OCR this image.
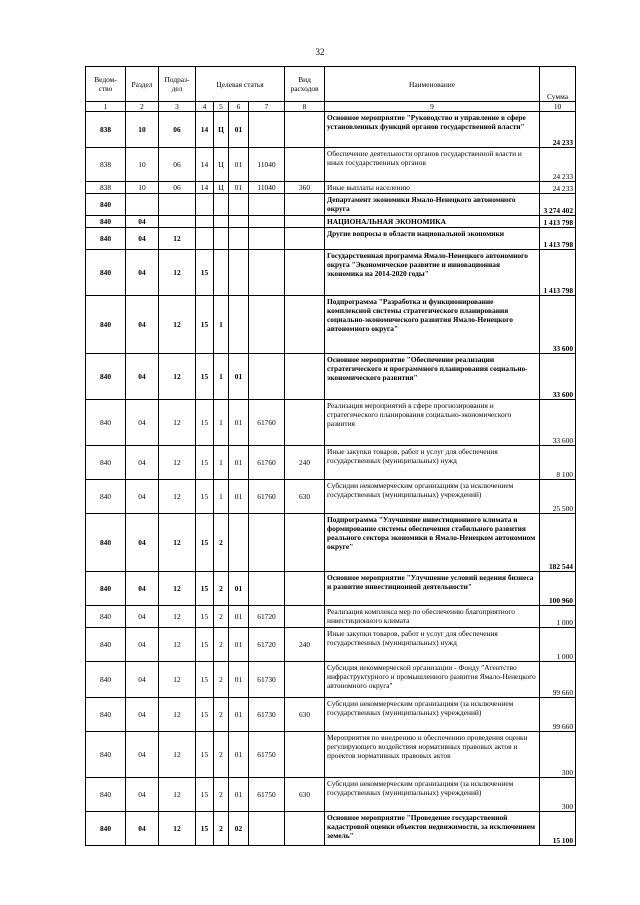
32
Ведом-ство	Раздел	Подраз-дел	Целевая статья				Вид расходов	Наименование	Сумма
1	2	3	4	5	6	7	8	9	10
838	10	06	14	Ц	01			Основное мероприятие "Руководство и управление в сфере установленных функций органов государственной власти"	24 233
838	10	06	14	Ц	01	11040		Обеспечение деятельности органов государственной власти и иных государственных органов	24 233
838	10	06	14	Ц	01	11040	360	Иные выплаты населению	24 233
840								Департамент экономики Ямало-Ненецкого автономного округа	3 274 402
840	04							НАЦИОНАЛЬНАЯ ЭКОНОМИКА	1 413 798
840	04	12						Другие вопросы в области национальной экономики	1 413 798
840	04	12	15					Государственная программа Ямало-Ненецкого автономного округа "Экономическое развитие и инновационная экономика на 2014-2020 годы"	1 413 798
840	04	12	15	1				Подпрограмма "Разработка и функционирование комплексной системы стратегического планирования социально-экономического развития Ямало-Ненецкого автономного округа"	33 600
840	04	12	15	1	01			Основное мероприятие "Обеспечение реализации стратегического и программного планирования социально-экономического развития"	33 600
840	04	12	15	1	01	61760		Реализация мероприятий в сфере прогнозирования и стратегического планирования социально-экономического развития	33 600
840	04	12	15	1	01	61760	240	Иные закупки товаров, работ и услуг для обеспечения государственных (муниципальных) нужд	8 100
840	04	12	15	1	01	61760	630	Субсидии некоммерческим организациям (за исключением государственных (муниципальных) учреждений)	25 500
840	04	12	15	2				Подпрограмма "Улучшение инвестиционного климата и формирование системы обеспечения стабильного развития реального сектора экономики в Ямало-Ненецком автономном округе"	182 544
840	04	12	15	2	01			Основное мероприятие "Улучшение условий ведения бизнеса и развитие инвестиционной деятельности"	100 960
840	04	12	15	2	01	61720		Реализация комплекса мер по обеспечению благоприятного инвестиционного климата	1 000
840	04	12	15	2	01	61720	240	Иные закупки товаров, работ и услуг для обеспечения государственных (муниципальных) нужд	1 000
840	04	12	15	2	01	61730		Субсидия некоммерческой организации - Фонду "Агентство инфраструктурного и промышленного развития Ямало-Ненецкого автономного округа"	99 660
840	04	12	15	2	01	61730	630	Субсидии некоммерческим организациям (за исключением государственных (муниципальных) учреждений)	99 660
840	04	12	15	2	01	61750		Мероприятия по внедрению и обеспечению проведения оценки регулирующего воздействия нормативных правовых актов и проектов нормативных правовых актов	300
840	04	12	15	2	01	61750	630	Субсидии некоммерческим организациям (за исключением государственных (муниципальных) учреждений)	300
840	04	12	15	2	02			Основное мероприятие "Проведение государственной кадастровой оценки объектов недвижимости, за исключением земель"	15 100
